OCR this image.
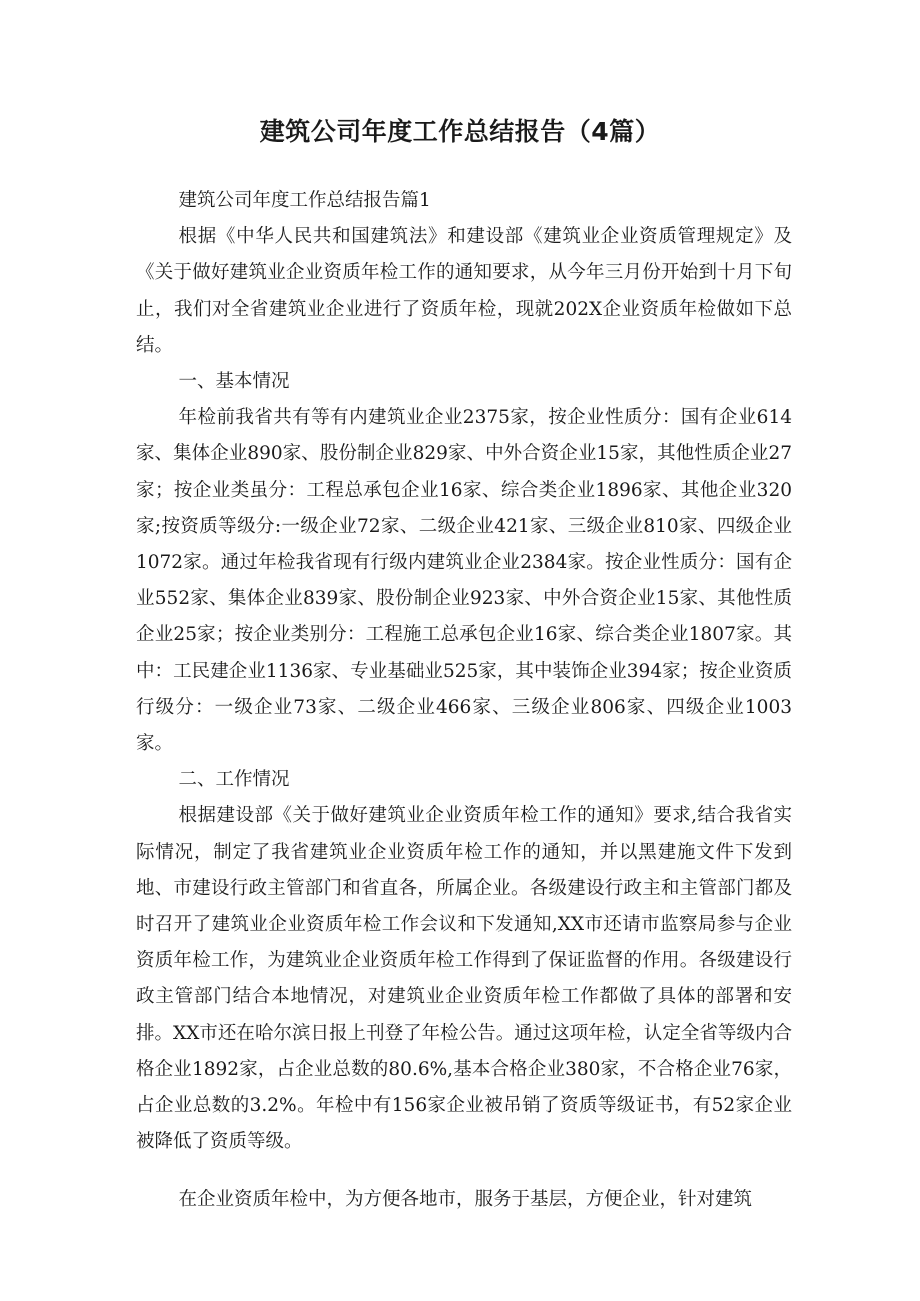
建筑公司年度工作总结报告（4篇）

建筑公司年度工作总结报告篇1

根据《中华人民共和国建筑法》和建设部《建筑业企业资质管理规定》及《关于做好建筑业企业资质年检工作的通知要求，从今年三月份开始到十月下旬止，我们对全省建筑业企业进行了资质年检，现就202X企业资质年检做如下总结。

一、基本情况

年检前我省共有等有内建筑业企业2375家，按企业性质分：国有企业614家、集体企业890家、股份制企业829家、中外合资企业15家，其他性质企业27家；按企业类虽分：工程总承包企业16家、综合类企业1896家、其他企业320家;按资质等级分:一级企业72家、二级企业421家、三级企业810家、四级企业1072家。通过年检我省现有行级内建筑业企业2384家。按企业性质分：国有企业552家、集体企业839家、股份制企业923家、中外合资企业15家、其他性质企业25家；按企业类别分：工程施工总承包企业16家、综合类企业1807家。其中：工民建企业1136家、专业基础业525家，其中装饰企业394家；按企业资质行级分：一级企业73家、二级企业466家、三级企业806家、四级企业1003家。

二、工作情况

根据建设部《关于做好建筑业企业资质年检工作的通知》要求,结合我省实际情况，制定了我省建筑业企业资质年检工作的通知，并以黑建施文件下发到地、市建设行政主管部门和省直各，所属企业。各级建设行政主和主管部门都及时召开了建筑业企业资质年检工作会议和下发通知,XX市还请市监察局参与企业资质年检工作，为建筑业企业资质年检工作得到了保证监督的作用。各级建设行政主管部门结合本地情况，对建筑业企业资质年检工作都做了具体的部署和安排。XX市还在哈尔滨日报上刊登了年检公告。通过这项年检，认定全省等级内合格企业1892家，占企业总数的80.6%,基本合格企业380家，不合格企业76家，占企业总数的3.2%。年检中有156家企业被吊销了资质等级证书，有52家企业被降低了资质等级。

在企业资质年检中，为方便各地市，服务于基层，方便企业，针对建筑
